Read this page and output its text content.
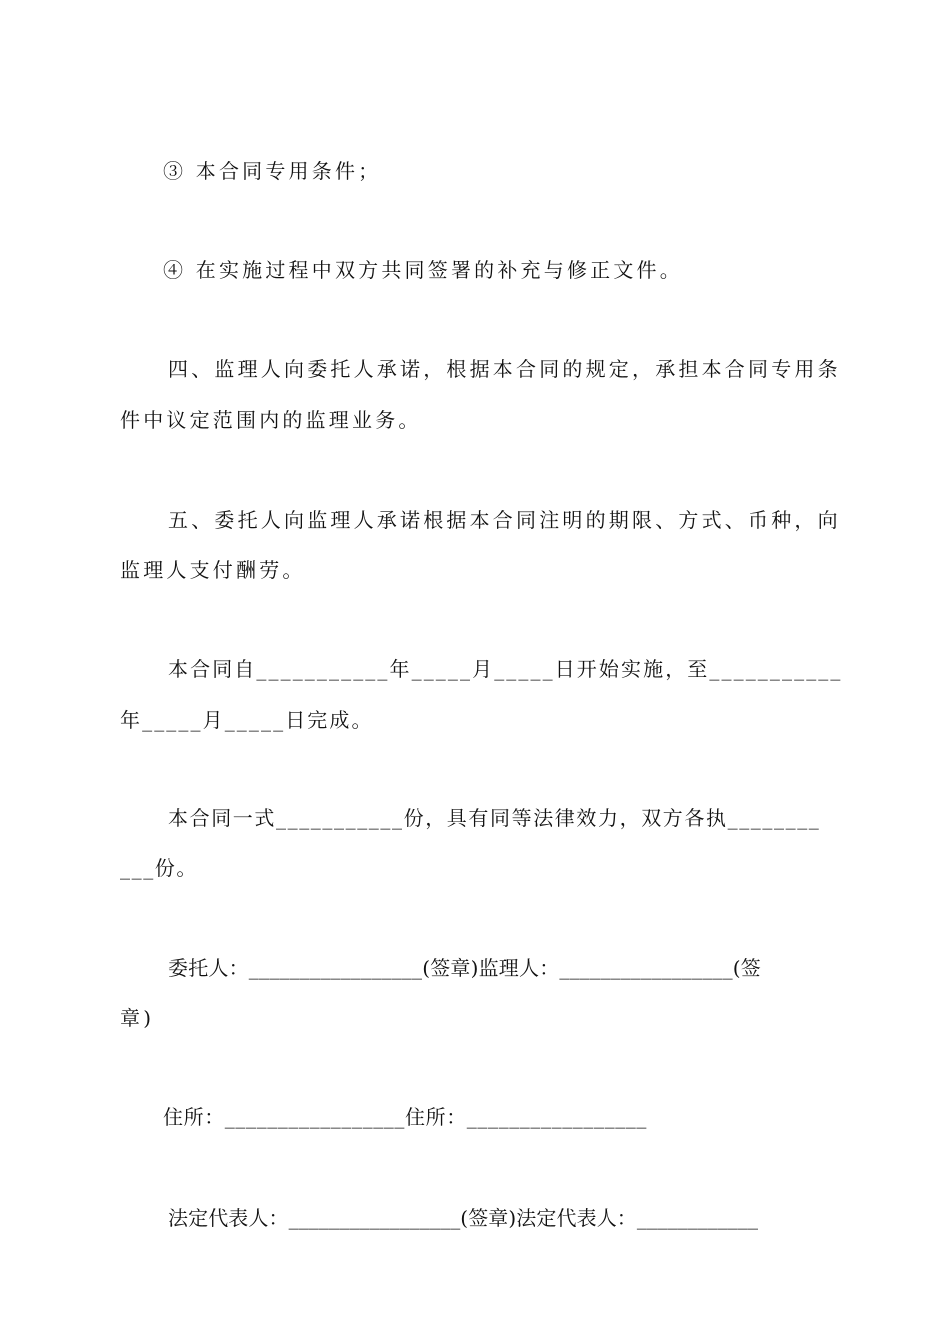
③ 本合同专用条件；
④ 在实施过程中双方共同签署的补充与修正文件。
四、监理人向委托人承诺，根据本合同的规定，承担本合同专用条
件中议定范围内的监理业务。
五、委托人向监理人承诺根据本合同注明的期限、方式、币种，向
监理人支付酬劳。
本合同自___________年_____月_____日开始实施，至___________
年_____月_____日完成。
本合同一式___________份，具有同等法律效力，双方各执________
___份。
委托人：_________________(签章)监理人：_________________(签
章)
住所：_________________住所：_________________
法定代表人：_________________(签章)法定代表人：____________
